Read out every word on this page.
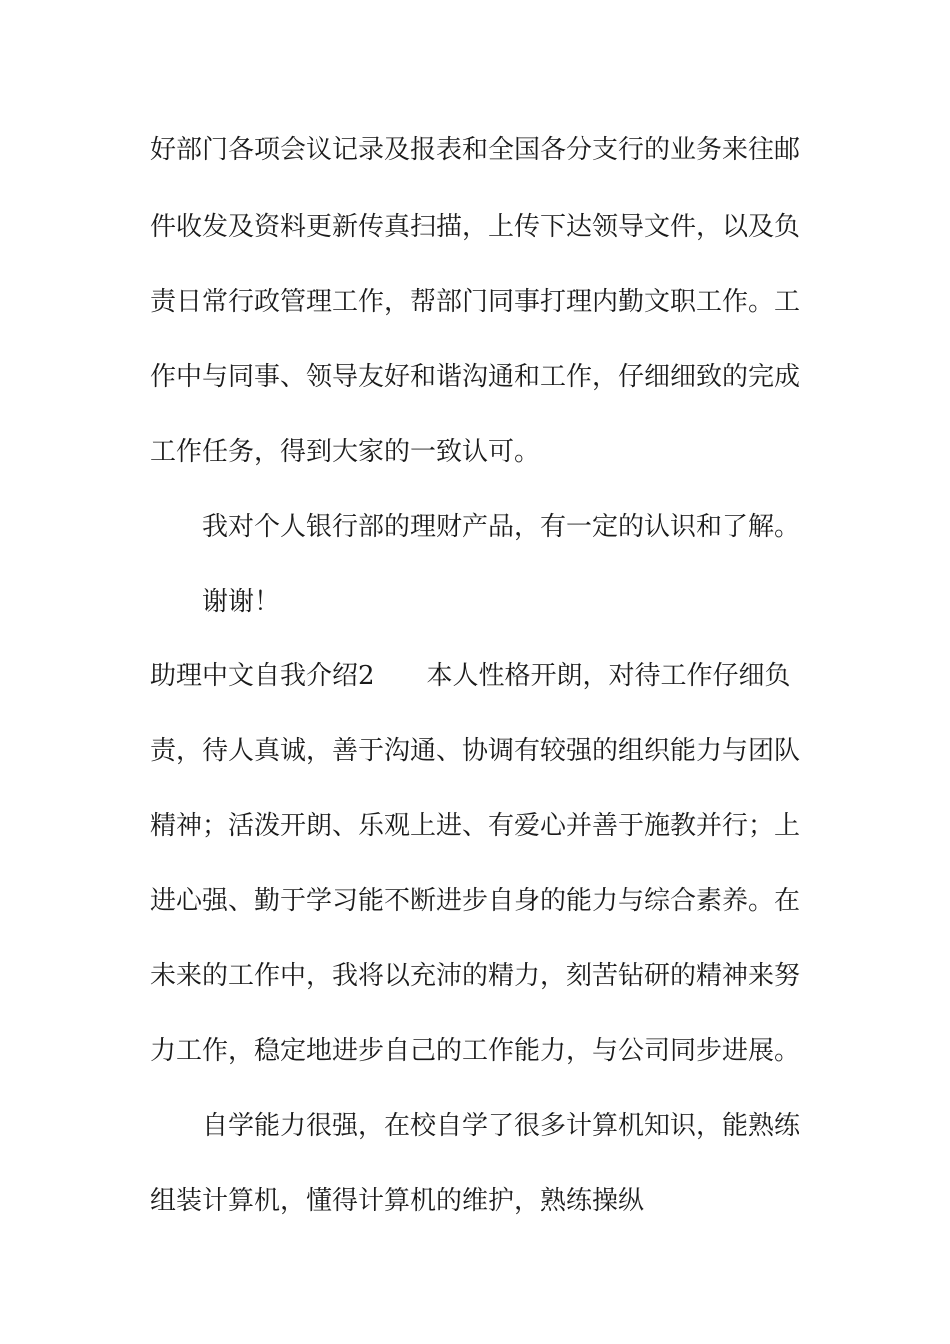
好部门各项会议记录及报表和全国各分支行的业务来往邮
件收发及资料更新传真扫描，上传下达领导文件，以及负
责日常行政管理工作，帮部门同事打理内勤文职工作。工
作中与同事、领导友好和谐沟通和工作，仔细细致的完成
工作任务，得到大家的一致认可。
我对个人银行部的理财产品，有一定的认识和了解。
谢谢！
助理中文自我介绍2 本人性格开朗，对待工作仔细负
责，待人真诚，善于沟通、协调有较强的组织能力与团队
精神；活泼开朗、乐观上进、有爱心并善于施教并行；上
进心强、勤于学习能不断进步自身的能力与综合素养。在
未来的工作中，我将以充沛的精力，刻苦钻研的精神来努
力工作，稳定地进步自己的工作能力，与公司同步进展。
自学能力很强，在校自学了很多计算机知识，能熟练
组装计算机，懂得计算机的维护，熟练操纵
